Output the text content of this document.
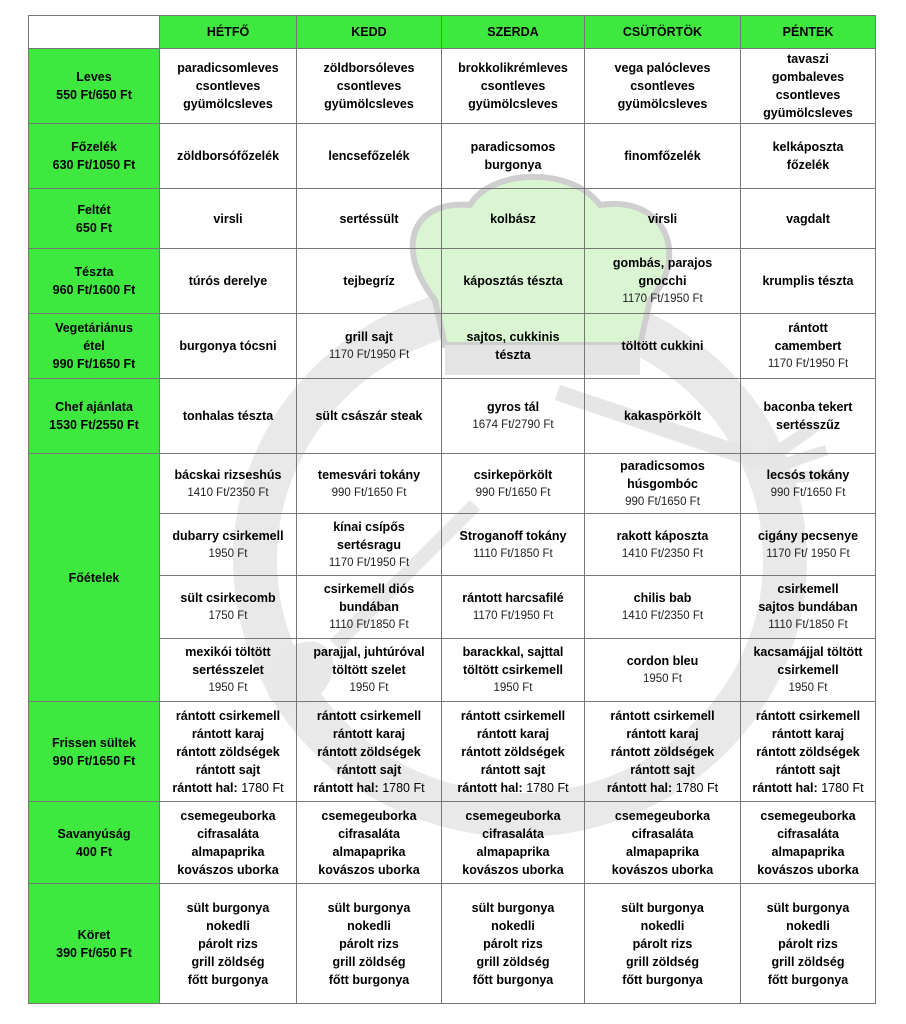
	HÉTFŐ	KEDD	SZERDA	CSÜTÖRTÖK	PÉNTEK

Leves
550 Ft/650 Ft	paradicsomleves
csontleves
gyümölcsleves	zöldborsóleves
csontleves
gyümölcsleves	brokkolikrémleves
csontleves
gyümölcsleves	vega palócleves
csontleves
gyümölcsleves	tavaszi
gombaleves
csontleves
gyümölcsleves

Főzelék
630 Ft/1050 Ft	zöldborsófőzelék	lencsefőzelék	paradicsomos
burgonya	finomfőzelék	kelkáposzta
főzelék

Feltét
650 Ft	virsli	sertéssült	kolbász	virsli	vagdalt

Tészta
960 Ft/1600 Ft	túrós derelye	tejbegríz	káposztás tészta	gombás, parajos
gnocchi
1170 Ft/1950 Ft	krumplis tészta

Vegetáriánus
étel
990 Ft/1650 Ft	burgonya tócsni	grill sajt
1170 Ft/1950 Ft	sajtos, cukkinis
tészta	töltött cukkini	rántott
camembert
1170 Ft/1950 Ft

Chef ajánlata
1530 Ft/2550 Ft	tonhalas tészta	sült császár steak	gyros tál
1674 Ft/2790 Ft	kakaspörkölt	baconba tekert
sertésszűz

Főételek	bácskai rizseshús
1410 Ft/2350 Ft	temesvári tokány
990 Ft/1650 Ft	csirkepörkölt
990 Ft/1650 Ft	paradicsomos
húsgombóc
990 Ft/1650 Ft	lecsós tokány
990 Ft/1650 Ft

	dubarry csirkemell
1950 Ft	kínai csípős
sertésragu
1170 Ft/1950 Ft	Stroganoff tokány
1110 Ft/1850 Ft	rakott káposzta
1410 Ft/2350 Ft	cigány pecsenye
1170 Ft/ 1950 Ft

	sült csirkecomb
1750 Ft	csirkemell diós
bundában
1110 Ft/1850 Ft	rántott harcsafilé
1170 Ft/1950 Ft	chilis bab
1410 Ft/2350 Ft	csirkemell
sajtos bundában
1110 Ft/1850 Ft

	mexikói töltött
sertésszelet
1950 Ft	parajjal, juhtúróval
töltött szelet
1950 Ft	barackkal, sajttal
töltött csirkemell
1950 Ft	cordon bleu
1950 Ft	kacsamájjal töltött
csirkemell
1950 Ft

Frissen sültek
990 Ft/1650 Ft	rántott csirkemell
rántott karaj
rántott zöldségek
rántott sajt
rántott hal: 1780 Ft	rántott csirkemell
rántott karaj
rántott zöldségek
rántott sajt
rántott hal: 1780 Ft	rántott csirkemell
rántott karaj
rántott zöldségek
rántott sajt
rántott hal: 1780 Ft	rántott csirkemell
rántott karaj
rántott zöldségek
rántott sajt
rántott hal: 1780 Ft	rántott csirkemell
rántott karaj
rántott zöldségek
rántott sajt
rántott hal: 1780 Ft

Savanyúság
400 Ft	csemegeuborka
cifrasaláta
almapaprika
kovászos uborka	csemegeuborka
cifrasaláta
almapaprika
kovászos uborka	csemegeuborka
cifrasaláta
almapaprika
kovászos uborka	csemegeuborka
cifrasaláta
almapaprika
kovászos uborka	csemegeuborka
cifrasaláta
almapaprika
kovászos uborka

Köret
390 Ft/650 Ft	sült burgonya
nokedli
párolt rizs
grill zöldség
főtt burgonya	sült burgonya
nokedli
párolt rizs
grill zöldség
főtt burgonya	sült burgonya
nokedli
párolt rizs
grill zöldség
főtt burgonya	sült burgonya
nokedli
párolt rizs
grill zöldség
főtt burgonya	sült burgonya
nokedli
párolt rizs
grill zöldség
főtt burgonya
